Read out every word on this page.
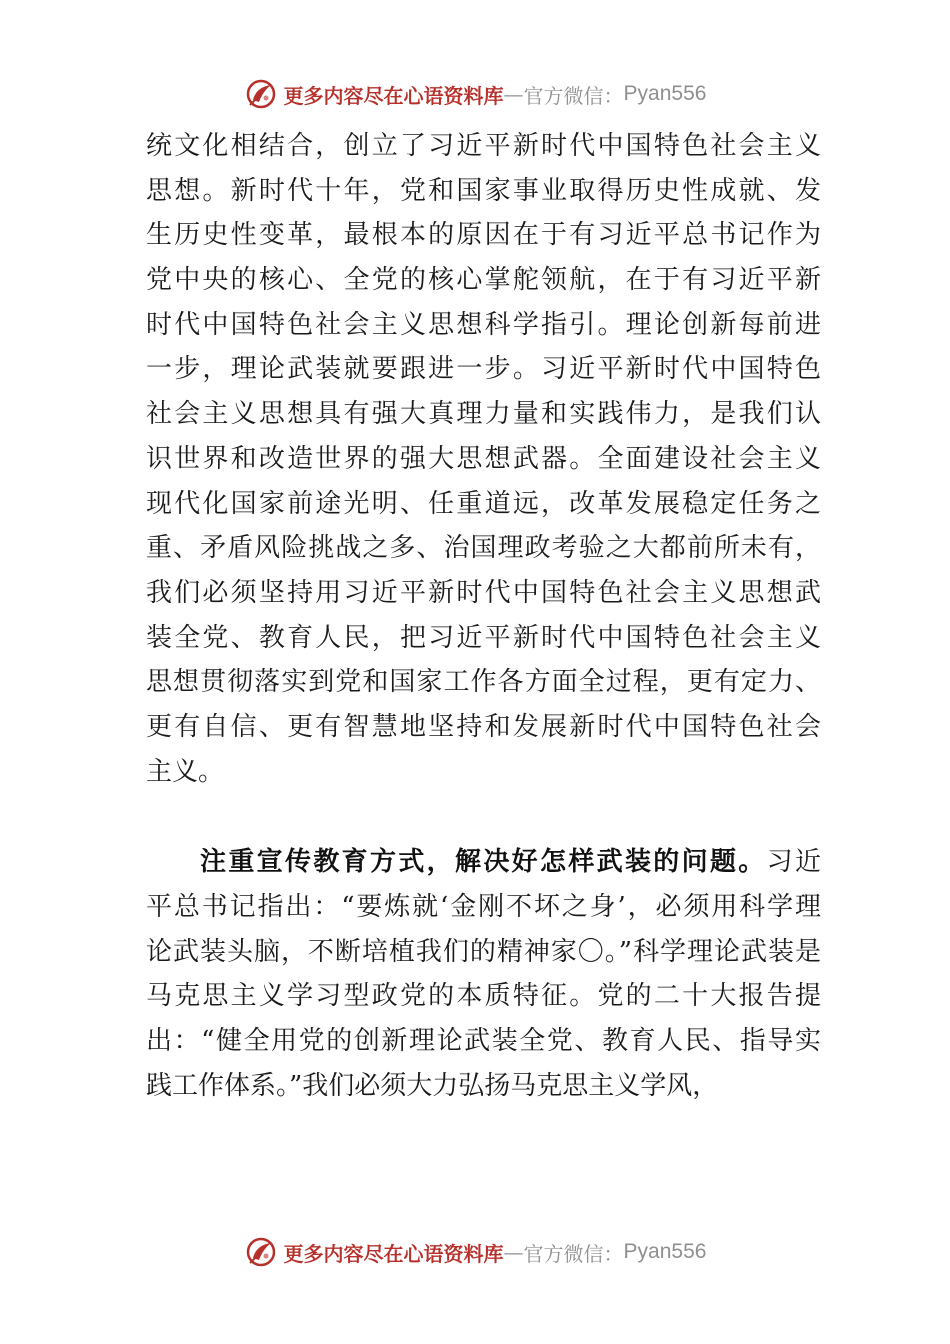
更多内容尽在心语资料库 — 官方微信： Pyan556
统文化相结合，创立了习近平新时代中国特色社会主义
思想。新时代十年，党和国家事业取得历史性成就、发
生历史性变革，最根本的原因在于有习近平总书记作为
党中央的核心、全党的核心掌舵领航，在于有习近平新
时代中国特色社会主义思想科学指引。理论创新每前进
一步，理论武装就要跟进一步。习近平新时代中国特色
社会主义思想具有强大真理力量和实践伟力，是我们认
识世界和改造世界的强大思想武器。全面建设社会主义
现代化国家前途光明、任重道远，改革发展稳定任务之
重、矛盾风险挑战之多、治国理政考验之大都前所未有，
我们必须坚持用习近平新时代中国特色社会主义思想武
装全党、教育人民，把习近平新时代中国特色社会主义
思想贯彻落实到党和国家工作各方面全过程，更有定力、
更有自信、更有智慧地坚持和发展新时代中国特色社会
主义。
注重宣传教育方式，解决好怎样武装的问题。习近
平总书记指出：“要炼就‘金刚不坏之身’，必须用科学理
论武装头脑，不断培植我们的精神家〇。”科学理论武装是
马克思主义学习型政党的本质特征。党的二十大报告提
出：“健全用党的创新理论武装全党、教育人民、指导实
践工作体系。”我们必须大力弘扬马克思主义学风，
更多内容尽在心语资料库 — 官方微信： Pyan556
